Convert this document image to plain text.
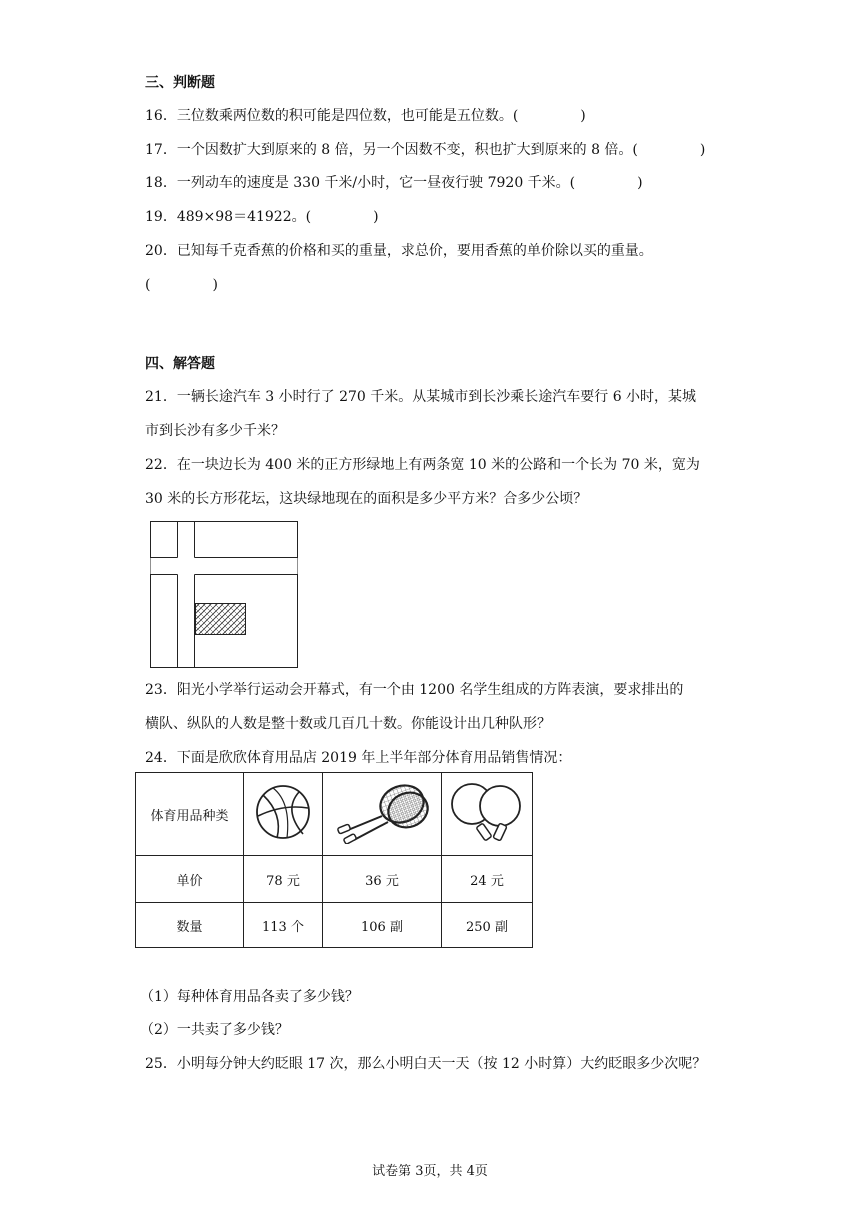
三、判断题
16．三位数乘两位数的积可能是四位数，也可能是五位数。(	)
17．一个因数扩大到原来的 8 倍，另一个因数不变，积也扩大到原来的 8 倍。(	)
18．一列动车的速度是 330 千米/小时，它一昼夜行驶 7920 千米。(	)
19．489×98＝41922。(	)
20．已知每千克香蕉的价格和买的重量，求总价，要用香蕉的单价除以买的重量。
(	)
四、解答题
21．一辆长途汽车 3 小时行了 270 千米。从某城市到长沙乘长途汽车要行 6 小时，某城
市到长沙有多少千米？
22．在一块边长为 400 米的正方形绿地上有两条宽 10 米的公路和一个长为 70 米，宽为
30 米的长方形花坛，这块绿地现在的面积是多少平方米？合多少公顷？
23．阳光小学举行运动会开幕式，有一个由 1200 名学生组成的方阵表演，要求排出的
横队、纵队的人数是整十数或几百几十数。你能设计出几种队形？
24．下面是欣欣体育用品店 2019 年上半年部分体育用品销售情况：
体育用品种类			
单价	78 元	36 元	24 元
数量	113 个	106 副	250 副
（1）每种体育用品各卖了多少钱？
（2）一共卖了多少钱？
25．小明每分钟大约眨眼 17 次，那么小明白天一天（按 12 小时算）大约眨眼多少次呢？
试卷第 3页，共 4页
